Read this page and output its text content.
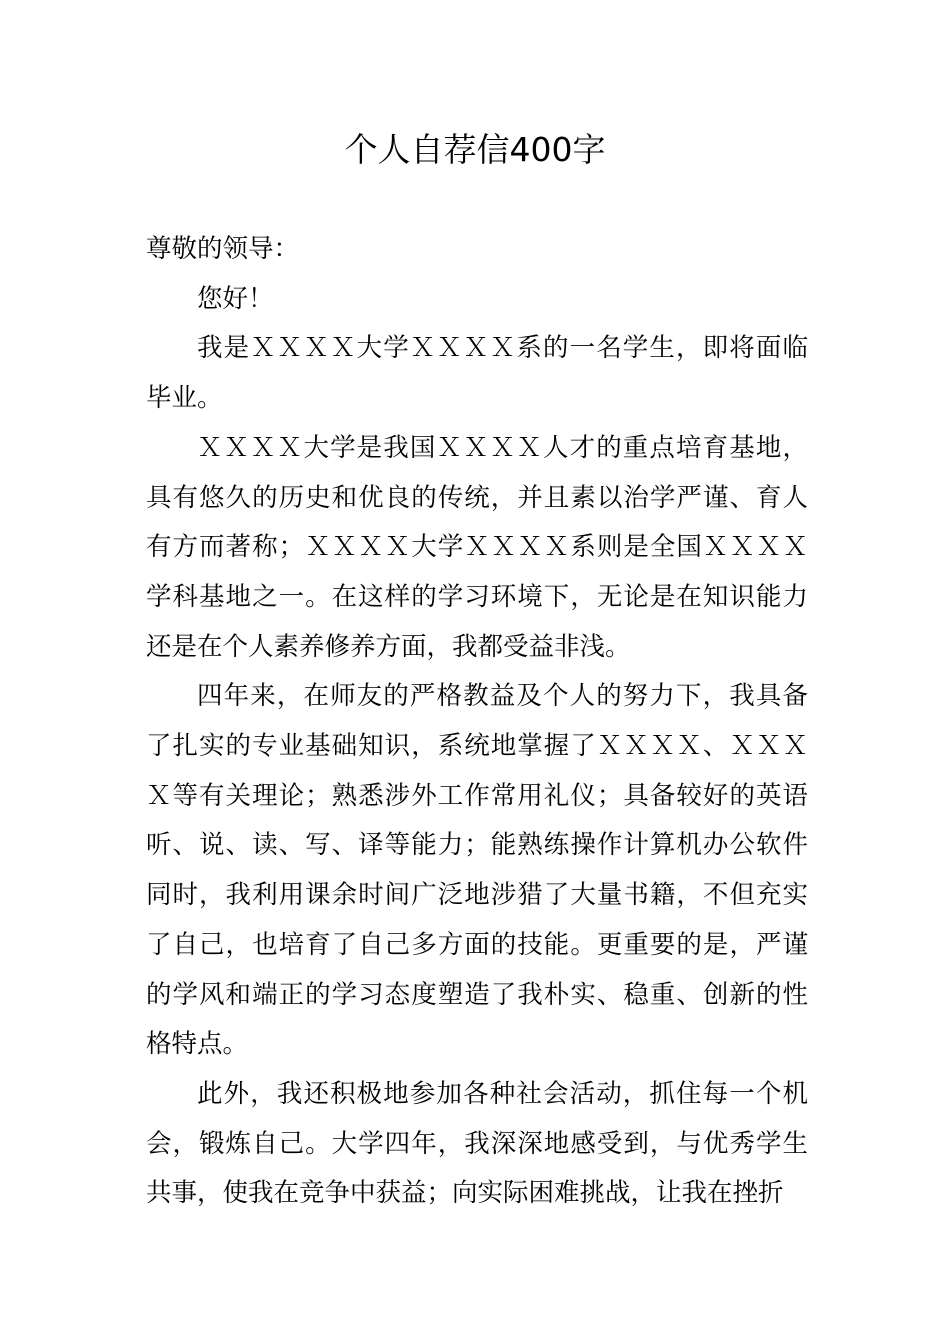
个人自荐信400字

尊敬的领导：

您好！

我是ＸＸＸＸ大学ＸＸＸＸ系的一名学生，即将面临毕业。

ＸＸＸＸ大学是我国ＸＸＸＸ人才的重点培育基地，具有悠久的历史和优良的传统，并且素以治学严谨、育人有方而著称；ＸＸＸＸ大学ＸＸＸＸ系则是全国ＸＸＸＸ学科基地之一。在这样的学习环境下，无论是在知识能力还是在个人素养修养方面，我都受益非浅。

四年来，在师友的严格教益及个人的努力下，我具备了扎实的专业基础知识，系统地掌握了ＸＸＸＸ、ＸＸＸＸ等有关理论；熟悉涉外工作常用礼仪；具备较好的英语听、说、读、写、译等能力；能熟练操作计算机办公软件同时，我利用课余时间广泛地涉猎了大量书籍，不但充实了自己，也培育了自己多方面的技能。更重要的是，严谨的学风和端正的学习态度塑造了我朴实、稳重、创新的性格特点。

此外，我还积极地参加各种社会活动，抓住每一个机会，锻炼自己。大学四年，我深深地感受到，与优秀学生共事，使我在竞争中获益；向实际困难挑战，让我在挫折
